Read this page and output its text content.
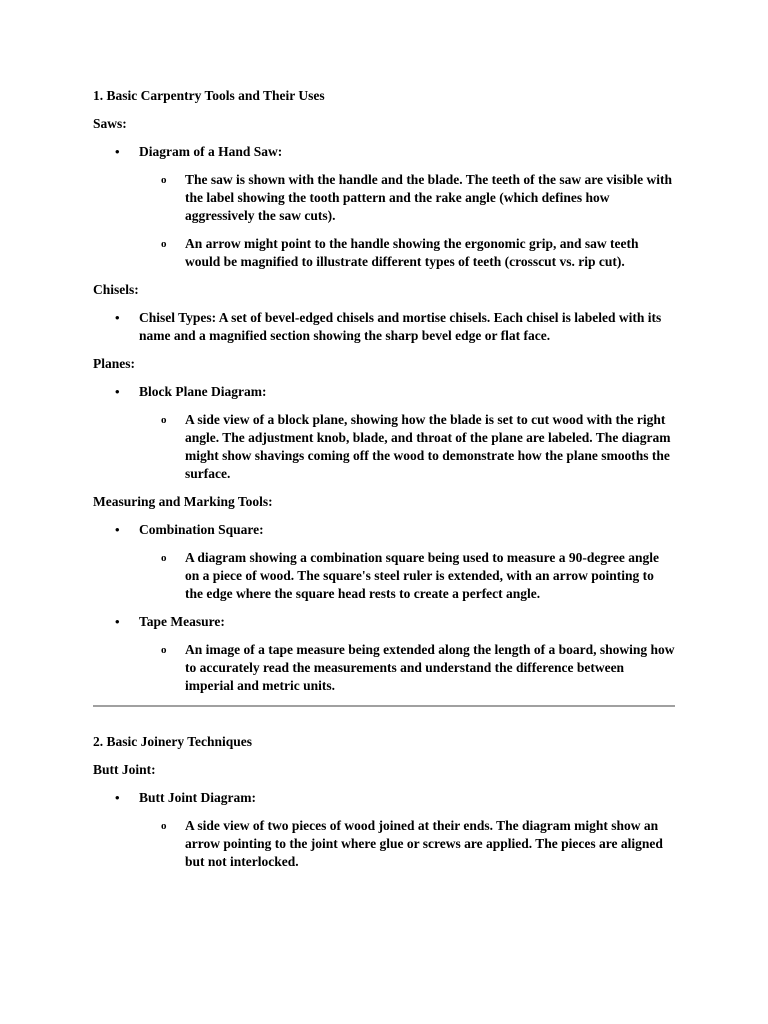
1. Basic Carpentry Tools and Their Uses
Saws:
• Diagram of a Hand Saw:
o The saw is shown with the handle and the blade. The teeth of the saw are visible with the label showing the tooth pattern and the rake angle (which defines how aggressively the saw cuts).
o An arrow might point to the handle showing the ergonomic grip, and saw teeth would be magnified to illustrate different types of teeth (crosscut vs. rip cut).
Chisels:
• Chisel Types: A set of bevel-edged chisels and mortise chisels. Each chisel is labeled with its name and a magnified section showing the sharp bevel edge or flat face.
Planes:
• Block Plane Diagram:
o A side view of a block plane, showing how the blade is set to cut wood with the right angle. The adjustment knob, blade, and throat of the plane are labeled. The diagram might show shavings coming off the wood to demonstrate how the plane smooths the surface.
Measuring and Marking Tools:
• Combination Square:
o A diagram showing a combination square being used to measure a 90-degree angle on a piece of wood. The square's steel ruler is extended, with an arrow pointing to the edge where the square head rests to create a perfect angle.
• Tape Measure:
o An image of a tape measure being extended along the length of a board, showing how to accurately read the measurements and understand the difference between imperial and metric units.
2. Basic Joinery Techniques
Butt Joint:
• Butt Joint Diagram:
o A side view of two pieces of wood joined at their ends. The diagram might show an arrow pointing to the joint where glue or screws are applied. The pieces are aligned but not interlocked.
